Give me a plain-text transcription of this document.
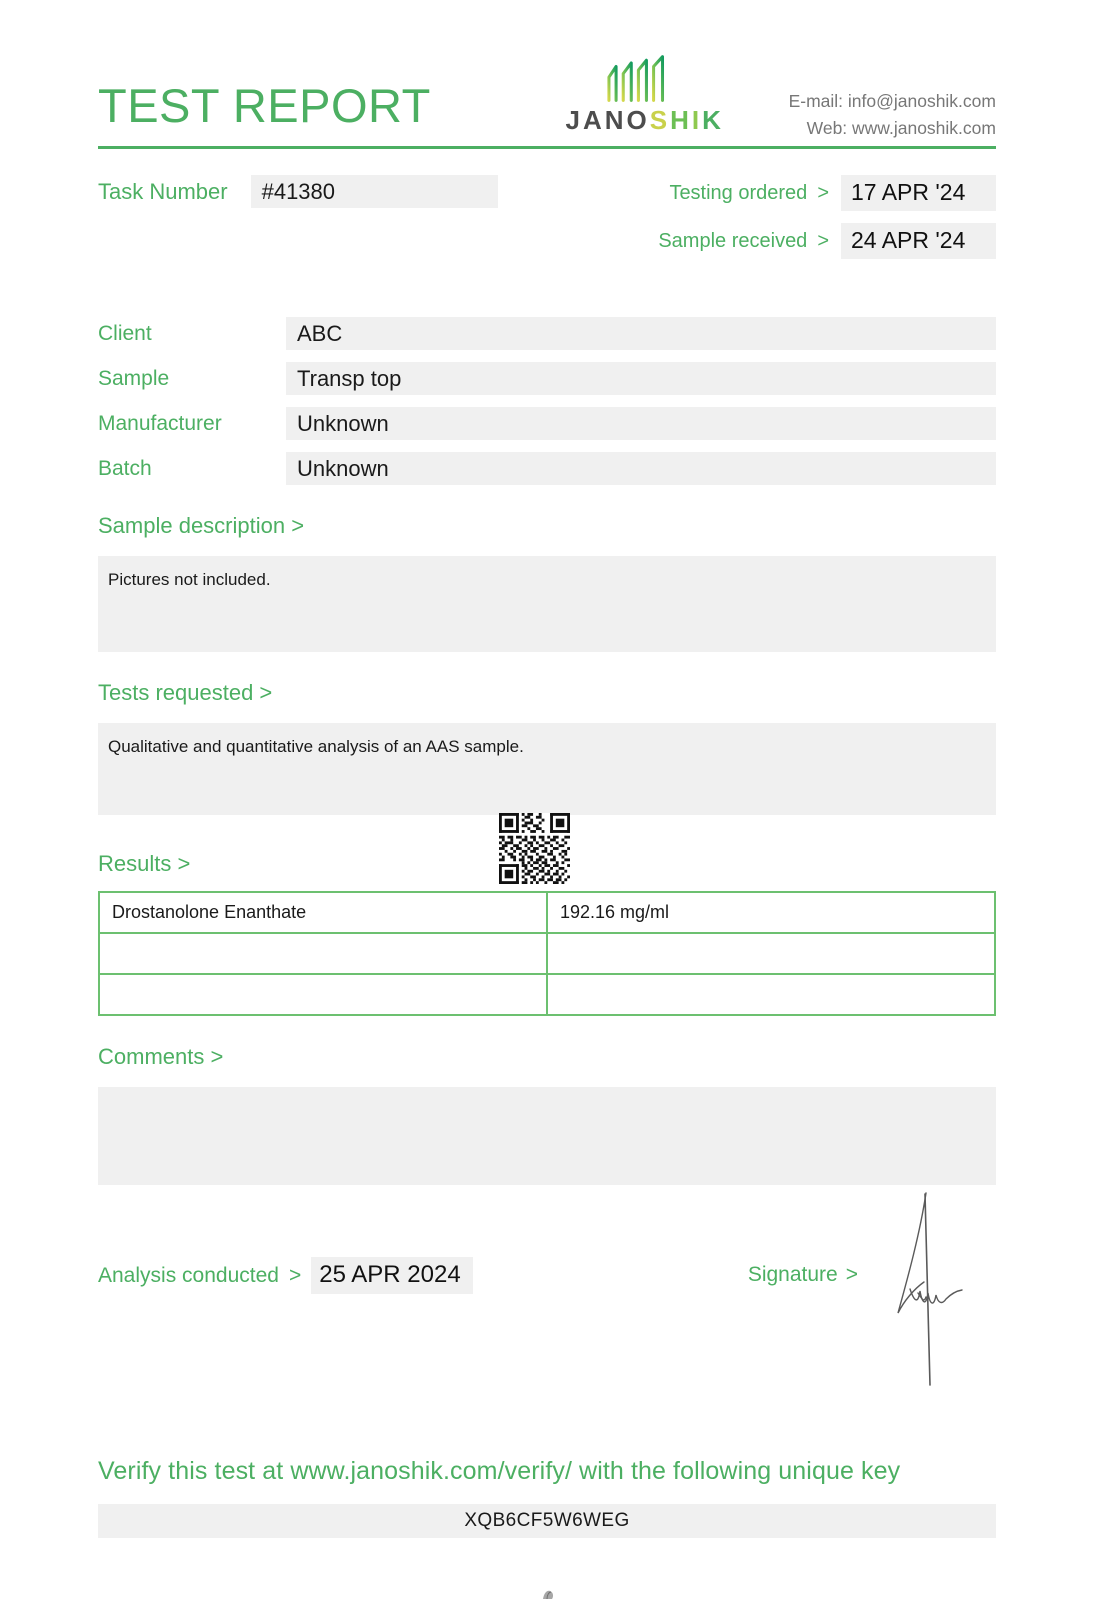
TEST REPORT	JANOSHIK
E-mail: info@janoshik.com
Web: www.janoshik.com
Task Number	#41380	Testing ordered > 17 APR '24
Sample received > 24 APR '24
Client	ABC
Sample	Transp top
Manufacturer	Unknown
Batch	Unknown
Sample description >
Pictures not included.
Tests requested >
Qualitative and quantitative analysis of an AAS sample.
Results >
Drostanolone Enanthate	192.16 mg/ml

Comments >
Analysis conducted > 25 APR 2024	Signature >
Verify this test at www.janoshik.com/verify/ with the following unique key
XQB6CF5W6WEG
